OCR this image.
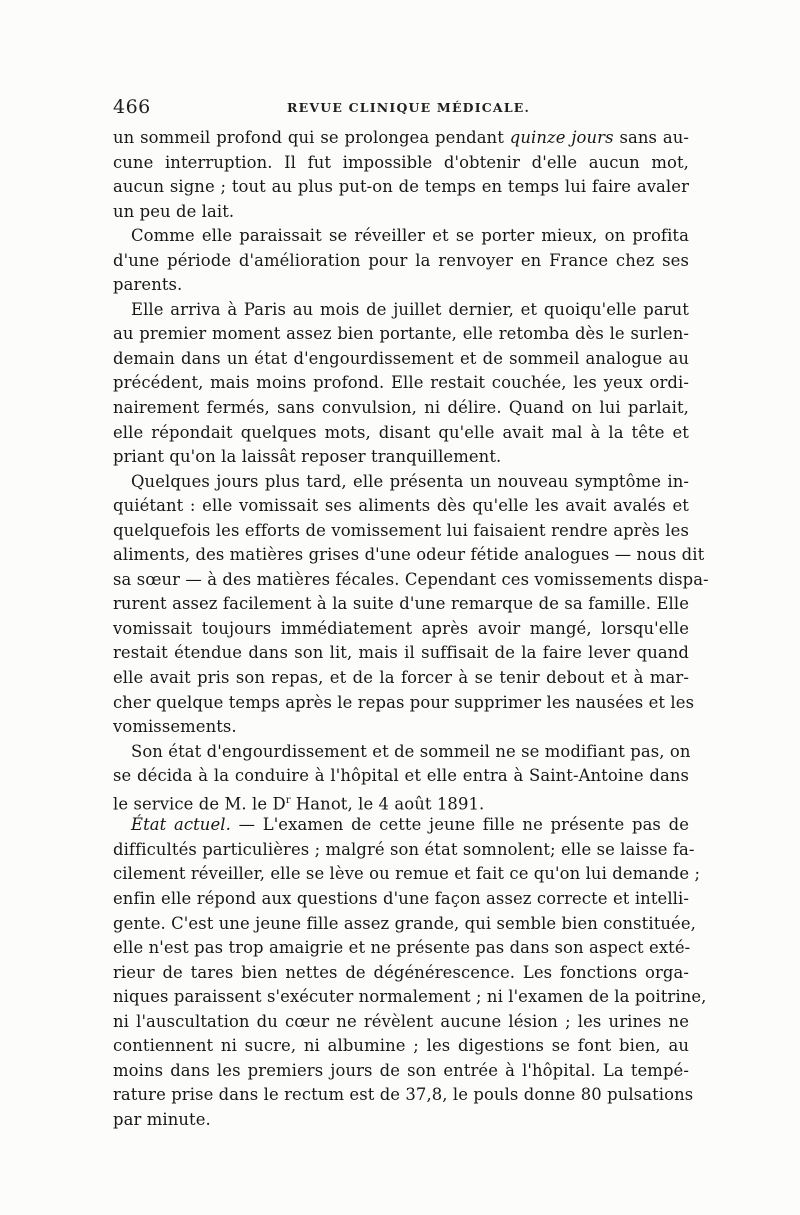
466	REVUE CLINIQUE MÉDICALE.
un sommeil profond qui se prolongea pendant quinze jours sans au-
cune interruption. Il fut impossible d'obtenir d'elle aucun mot,
aucun signe ; tout au plus put-on de temps en temps lui faire avaler
un peu de lait.
Comme elle paraissait se réveiller et se porter mieux, on profita
d'une période d'amélioration pour la renvoyer en France chez ses
parents.
Elle arriva à Paris au mois de juillet dernier, et quoiqu'elle parut
au premier moment assez bien portante, elle retomba dès le surlen-
demain dans un état d'engourdissement et de sommeil analogue au
précédent, mais moins profond. Elle restait couchée, les yeux ordi-
nairement fermés, sans convulsion, ni délire. Quand on lui parlait,
elle répondait quelques mots, disant qu'elle avait mal à la tête et
priant qu'on la laissât reposer tranquillement.
Quelques jours plus tard, elle présenta un nouveau symptôme in-
quiétant : elle vomissait ses aliments dès qu'elle les avait avalés et
quelquefois les efforts de vomissement lui faisaient rendre après les
aliments, des matières grises d'une odeur fétide analogues — nous dit
sa sœur — à des matières fécales. Cependant ces vomissements dispa-
rurent assez facilement à la suite d'une remarque de sa famille. Elle
vomissait toujours immédiatement après avoir mangé, lorsqu'elle
restait étendue dans son lit, mais il suffisait de la faire lever quand
elle avait pris son repas, et de la forcer à se tenir debout et à mar-
cher quelque temps après le repas pour supprimer les nausées et les
vomissements.
Son état d'engourdissement et de sommeil ne se modifiant pas, on
se décida à la conduire à l'hôpital et elle entra à Saint-Antoine dans
le service de M. le $D^r$ Hanot, le 4 août 1891.
État actuel. — L'examen de cette jeune fille ne présente pas de
difficultés particulières ; malgré son état somnolent; elle se laisse fa-
cilement réveiller, elle se lève ou remue et fait ce qu'on lui demande ;
enfin elle répond aux questions d'une façon assez correcte et intelli-
gente. C'est une jeune fille assez grande, qui semble bien constituée,
elle n'est pas trop amaigrie et ne présente pas dans son aspect exté-
rieur de tares bien nettes de dégénérescence. Les fonctions orga-
niques paraissent s'exécuter normalement ; ni l'examen de la poitrine,
ni l'auscultation du cœur ne révèlent aucune lésion ; les urines ne
contiennent ni sucre, ni albumine ; les digestions se font bien, au
moins dans les premiers jours de son entrée à l'hôpital. La tempé-
rature prise dans le rectum est de 37,8, le pouls donne 80 pulsations
par minute.
